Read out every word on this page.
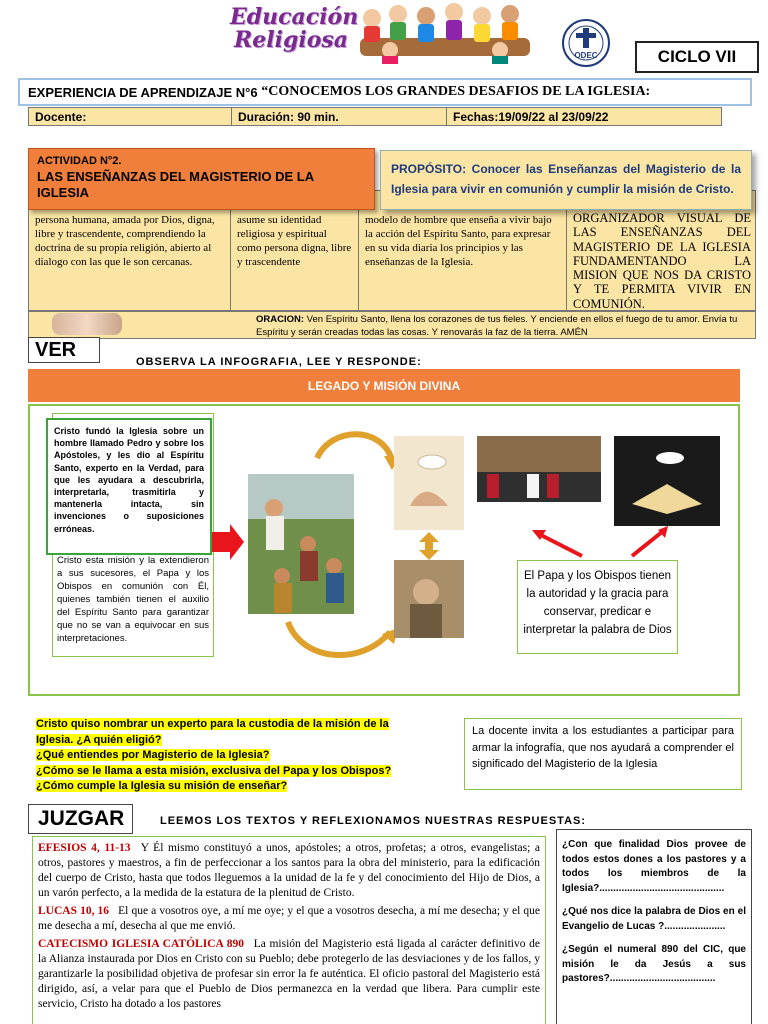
Educación
Religiosa
ODEC	CICLO VII
EXPERIENCIA DE APRENDIZAJE N°6
“CONOCEMOS LOS GRANDES DESAFIOS DE LA IGLESIA:
Docente:	Duración: 90 min.	Fechas:19/09/22 al 23/09/22
persona humana, amada por Dios, digna, libre y trascendente, comprendiendo la doctrina de su propia religión, abierto al dialogo con las que le son cercanas.
asume su identidad religiosa y espiritual como persona digna, libre y trascendente
modelo de hombre que enseña a vivir bajo la acción del Espíritu Santo, para expresar en su vida diaria los principios y las enseñanzas de la Iglesia.
ORGANIZADOR VISUAL DE LAS ENSEÑANZAS DEL MAGISTERIO DE LA IGLESIA FUNDAMENTANDO LA MISION QUE NOS DA CRISTO Y TE PERMITA VIVIR EN COMUNIÓN.
ACTIVIDAD N°2.
LAS ENSEÑANZAS DEL MAGISTERIO DE LA IGLESIA
PROPÓSITO: Conocer las Enseñanzas del Magisterio de la Iglesia para vivir en comunión y cumplir la misión de Cristo.
ORACION: Ven Espíritu Santo, llena los corazones de tus fieles. Y enciende en ellos el fuego de tu amor. Envía tu Espíritu y serán creadas todas las cosas. Y renovarás la faz de la tierra. AMÉN
VER
OBSERVA LA INFOGRAFIA, LEE Y RESPONDE:
LEGADO Y MISIÓN DIVINA
Cristo esta misión y la extendieron a sus sucesores, el Papa y los Obispos en comunión con Él, quienes también tienen el auxilio del Espíritu Santo para garantizar que no se van a equivocar en sus interpretaciones.
Cristo fundó la Iglesia sobre un hombre llamado Pedro y sobre los Apóstoles, y les dio al Espíritu Santo, experto en la Verdad, para que les ayudara a descubrirla, interpretarla, trasmitirla y mantenerla intacta, sin invenciones o suposiciones erróneas.
El Papa y los Obispos tienen la autoridad y la gracia para conservar, predicar e interpretar la palabra de Dios
Cristo quiso nombrar un experto para la custodia de la misión de la Iglesia. ¿A quién eligió?
¿Qué entiendes por Magisterio de la Iglesia?
¿Cómo se le llama a esta misión, exclusiva del Papa y los Obispos?
¿Cómo cumple la Iglesia su misión de enseñar?
La docente invita a los estudiantes a participar para armar la infografía, que nos ayudará a comprender el significado del Magisterio de la Iglesia
JUZGAR	LEEMOS LOS TEXTOS Y REFLEXIONAMOS NUESTRAS RESPUESTAS:

EFESIOS 4, 11-13 Y Él mismo constituyó a unos, apóstoles; a otros, profetas; a otros, evangelistas; a otros, pastores y maestros, a fin de perfeccionar a los santos para la obra del ministerio, para la edificación del cuerpo de Cristo, hasta que todos lleguemos a la unidad de la fe y del conocimiento del Hijo de Dios, a un varón perfecto, a la medida de la estatura de la plenitud de Cristo.

LUCAS 10, 16 El que a vosotros oye, a mí me oye; y el que a vosotros desecha, a mí me desecha; y el que me desecha a mí, desecha al que me envió.

CATECISMO IGLESIA CATÓLICA 890 La misión del Magisterio está ligada al carácter definitivo de la Alianza instaurada por Dios en Cristo con su Pueblo; debe protegerlo de las desviaciones y de los fallos, y garantizarle la posibilidad objetiva de profesar sin error la fe auténtica. El oficio pastoral del Magisterio está dirigido, así, a velar para que el Pueblo de Dios permanezca en la verdad que libera. Para cumplir este servicio, Cristo ha dotado a los pastores

¿Con que finalidad Dios provee de todos estos dones a los pastores y a todos los miembros de la Iglesia?.............................................

¿Qué nos dice la palabra de Dios en el Evangelio de Lucas ?......................

¿Según el numeral 890 del CIC, que misión le da Jesús a sus pastores?......................................
